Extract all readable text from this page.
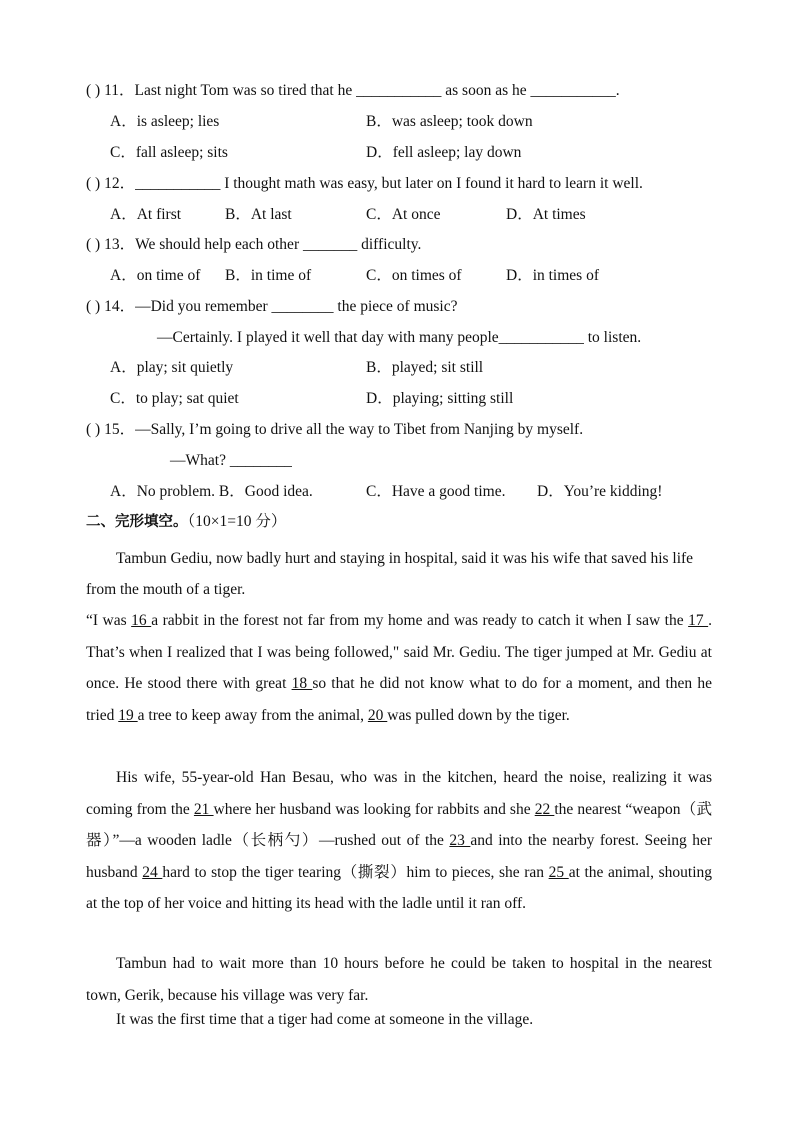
( ) 11．Last night Tom was so tired that he ___________ as soon as he ___________.
A．is asleep; lies	B．was asleep; took down
C．fall asleep; sits	D．fell asleep; lay down
( ) 12．___________ I thought math was easy, but later on I found it hard to learn it well.
A．At first	B．At last	C．At once	D．At times
( ) 13．We should help each other _______ difficulty.
A．on time of B．in time of	C．on times of	D．in times of
( ) 14．—Did you remember ________ the piece of music?
—Certainly. I played it well that day with many people___________ to listen.
A．play; sit quietly	B．played; sit still
C．to play; sat quiet	D．playing; sitting still
( ) 15．—Sally, I’m going to drive all the way to Tibet from Nanjing by myself.
—What? ________
A．No problem. B．Good idea.	C．Have a good time. D．You’re kidding!
二、完形填空。（10×1=10 分）
Tambun Gediu, now badly hurt and staying in hospital, said it was his wife that saved his life from the mouth of a tiger.
“I was 16 a rabbit in the forest not far from my home and was ready to catch it when I saw the 17 . That’s when I realized that I was being followed," said Mr. Gediu. The tiger jumped at Mr. Gediu at once. He stood there with great 18 so that he did not know what to do for a moment, and then he tried 19 a tree to keep away from the animal, 20 was pulled down by the tiger.
His wife, 55-year-old Han Besau, who was in the kitchen, heard the noise, realizing it was coming from the 21 where her husband was looking for rabbits and she 22 the nearest “weapon（武器）”—a wooden ladle（长柄勺）—rushed out of the 23 and into the nearby forest. Seeing her husband 24 hard to stop the tiger tearing（撕裂）him to pieces, she ran 25 at the animal, shouting at the top of her voice and hitting its head with the ladle until it ran off.
Tambun had to wait more than 10 hours before he could be taken to hospital in the nearest town, Gerik, because his village was very far.
It was the first time that a tiger had come at someone in the village.
